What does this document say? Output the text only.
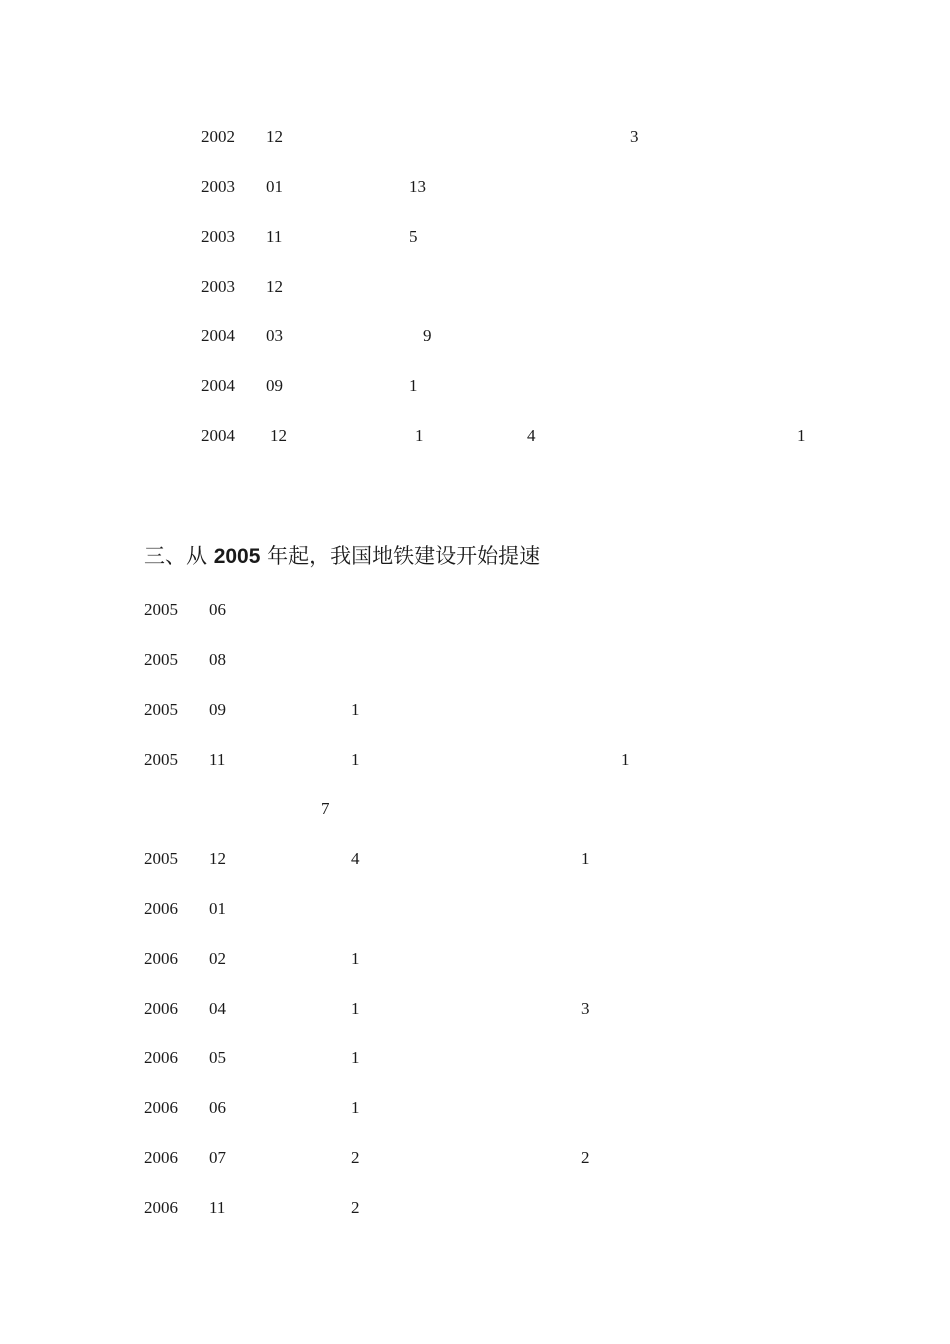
2002 12	3
2003 01	13
2003 11	5
2003 12
2004 03	9
2004 09	1
2004 12	1	4	1
三、从 2005 年起，我国地铁建设开始提速
2005 06
2005 08
2005 09	1
2005 11	1	1
7
2005 12	4	1
2006 01
2006 02	1
2006 04	1	3
2006 05	1
2006 06	1
2006 07	2	2
2006 11	2
